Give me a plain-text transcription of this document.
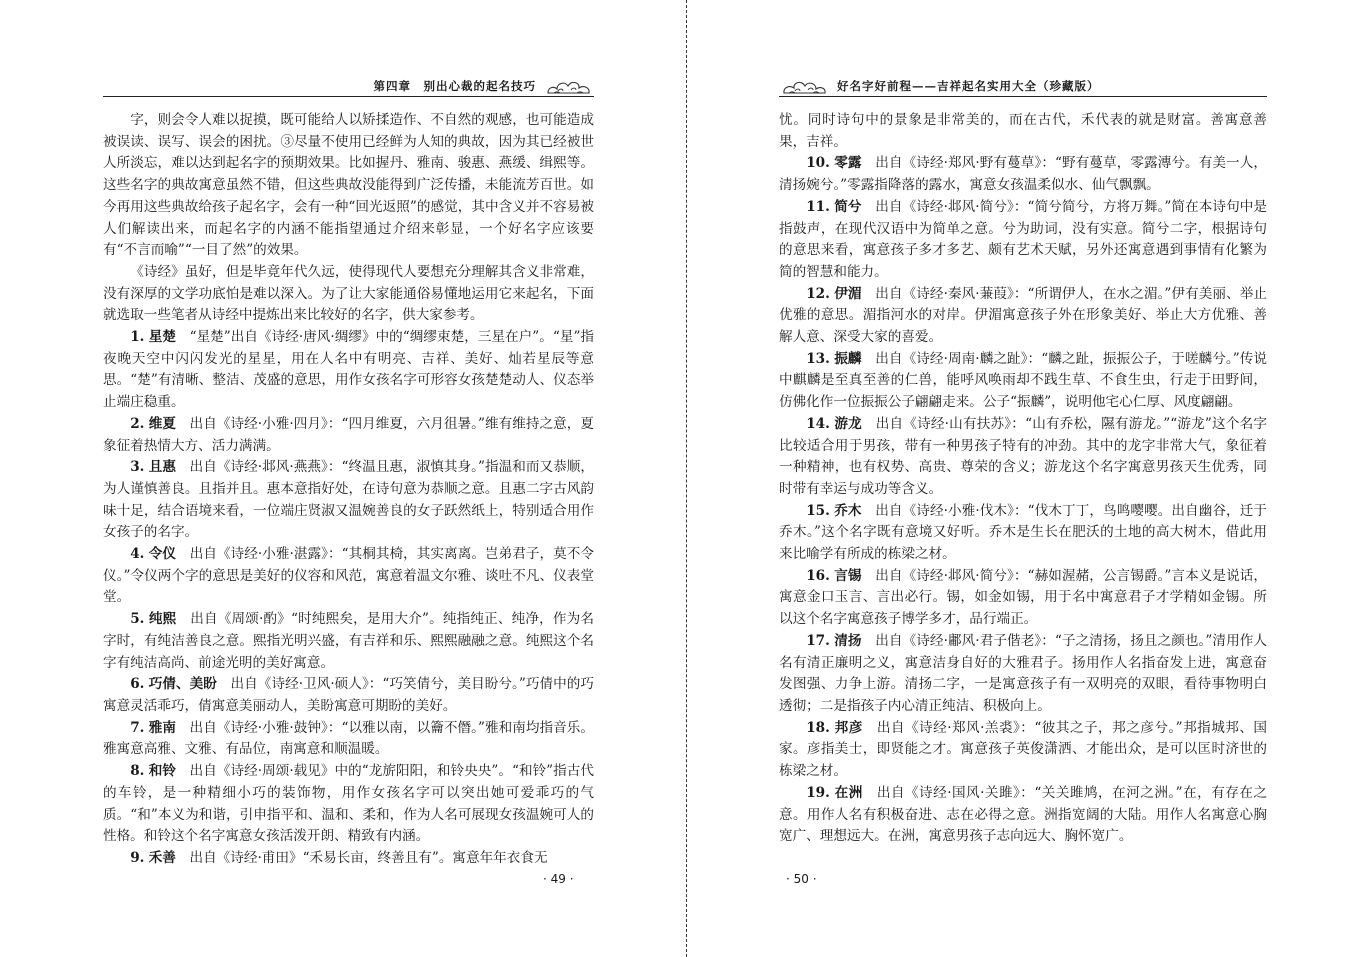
第四章　别出心裁的起名技巧

字，则会令人难以捉摸，既可能给人以矫揉造作、不自然的观感，也可能造成被误读、误写、误会的困扰。③尽量不使用已经鲜为人知的典故，因为其已经被世人所淡忘，难以达到起名字的预期效果。比如握丹、雅南、骏惠、燕缓、缉熙等。这些名字的典故寓意虽然不错，但这些典故没能得到广泛传播，未能流芳百世。如今再用这些典故给孩子起名字，会有一种“回光返照”的感觉，其中含义并不容易被人们解读出来，而起名字的内涵不能指望通过介绍来彰显，一个好名字应该要有“不言而喻”“一目了然”的效果。

《诗经》虽好，但是毕竟年代久远，使得现代人要想充分理解其含义非常难，没有深厚的文学功底怕是难以深入。为了让大家能通俗易懂地运用它来起名，下面就选取一些笔者从诗经中提炼出来比较好的名字，供大家参考。

1. 星楚　 “星楚”出自《诗经·唐风·绸缪》中的“绸缪束楚，三星在户”。“星”指夜晚天空中闪闪发光的星星，用在人名中有明亮、吉祥、美好、灿若星辰等意思。“楚”有清晰、整洁、茂盛的意思，用作女孩名字可形容女孩楚楚动人、仪态举止端庄稳重。

2. 维夏　 出自《诗经·小雅·四月》：“四月维夏，六月徂暑。”维有维持之意，夏象征着热情大方、活力满满。

3. 且惠　 出自《诗经·邶风·燕燕》：“终温且惠，淑慎其身。”指温和而又恭顺，为人谨慎善良。且指并且。惠本意指好处，在诗句意为恭顺之意。且惠二字古风韵味十足，结合语境来看，一位端庄贤淑又温婉善良的女子跃然纸上，特别适合用作女孩子的名字。

4. 令仪　 出自《诗经·小雅·湛露》：“其桐其椅，其实离离。岂弟君子，莫不令仪。”令仪两个字的意思是美好的仪容和风范，寓意着温文尔雅、谈吐不凡、仪表堂堂。

5. 纯熙　 出自《周颂·酌》“时纯熙矣，是用大介”。纯指纯正、纯净，作为名字时，有纯洁善良之意。熙指光明兴盛，有吉祥和乐、熙熙融融之意。纯熙这个名字有纯洁高尚、前途光明的美好寓意。

6. 巧倩、美盼　 出自《诗经·卫风·硕人》：“巧笑倩兮，美目盼兮。”巧倩中的巧寓意灵活乖巧，倩寓意美丽动人，美盼寓意可期盼的美好。

7. 雅南　 出自《诗经·小雅·鼓钟》：“以雅以南，以籥不僭。”雅和南均指音乐。雅寓意高雅、文雅、有品位，南寓意和顺温暖。

8. 和铃　 出自《诗经·周颂·载见》中的“龙旂阳阳，和铃央央”。“和铃”指古代的车铃，是一种精细小巧的装饰物，用作女孩名字可以突出她可爱乖巧的气质。“和”本义为和谐，引申指平和、温和、柔和，作为人名可展现女孩温婉可人的性格。和铃这个名字寓意女孩活泼开朗、精致有内涵。

9. 禾善　 出自《诗经·甫田》“禾易长亩，终善且有”。寓意年年衣食无

· 49 ·
好名字好前程——吉祥起名实用大全（珍藏版）

忧。同时诗句中的景象是非常美的，而在古代，禾代表的就是财富。善寓意善果，吉祥。

10. 零露　 出自《诗经·郑风·野有蔓草》：“野有蔓草，零露漙兮。有美一人，清扬婉兮。”零露指降落的露水，寓意女孩温柔似水、仙气飘飘。

11. 简兮　 出自《诗经·邶风·简兮》：“简兮简兮，方将万舞。”简在本诗句中是指鼓声，在现代汉语中为简单之意。兮为助词，没有实意。简兮二字，根据诗句的意思来看，寓意孩子多才多艺、颇有艺术天赋，另外还寓意遇到事情有化繁为简的智慧和能力。

12. 伊湄　 出自《诗经·秦风·蒹葭》：“所谓伊人，在水之湄。”伊有美丽、举止优雅的意思。湄指河水的对岸。伊湄寓意孩子外在形象美好、举止大方优雅、善解人意、深受大家的喜爱。

13. 振麟　 出自《诗经·周南·麟之趾》：“麟之趾，振振公子，于嗟麟兮。”传说中麒麟是至真至善的仁兽，能呼风唤雨却不践生草、不食生虫，行走于田野间，仿佛化作一位振振公子翩翩走来。公子“振麟”，说明他宅心仁厚、风度翩翩。

14. 游龙　 出自《诗经·山有扶苏》：“山有乔松，隰有游龙。”“游龙”这个名字比较适合用于男孩，带有一种男孩子特有的冲劲。其中的龙字非常大气，象征着一种精神，也有权势、高贵、尊荣的含义；游龙这个名字寓意男孩天生优秀，同时带有幸运与成功等含义。

15. 乔木　 出自《诗经·小雅·伐木》：“伐木丁丁，鸟鸣嘤嘤。出自幽谷，迁于乔木。”这个名字既有意境又好听。乔木是生长在肥沃的土地的高大树木，借此用来比喻学有所成的栋梁之材。

16. 言锡　 出自《诗经·邶风·简兮》：“赫如渥赭，公言锡爵。”言本义是说话，寓意金口玉言、言出必行。锡，如金如锡，用于名中寓意君子才学精如金锡。所以这个名字寓意孩子博学多才，品行端正。

17. 清扬　 出自《诗经·鄘风·君子偕老》：“子之清扬，扬且之颜也。”清用作人名有清正廉明之义，寓意洁身自好的大雅君子。扬用作人名指奋发上进，寓意奋发图强、力争上游。清扬二字，一是寓意孩子有一双明亮的双眼，看待事物明白透彻；二是指孩子内心清正纯洁、积极向上。

18. 邦彦　 出自《诗经·郑风·羔裘》：“彼其之子，邦之彦兮。”邦指城邦、国家。彦指美士，即贤能之才。寓意孩子英俊潇洒、才能出众，是可以匡时济世的栋梁之材。

19. 在洲　 出自《诗经·国风·关雎》：“关关雎鸠，在河之洲。”在，有存在之意。用作人名有积极奋进、志在必得之意。洲指宽阔的大陆。用作人名寓意心胸宽广、理想远大。在洲，寓意男孩子志向远大、胸怀宽广。

· 50 ·
